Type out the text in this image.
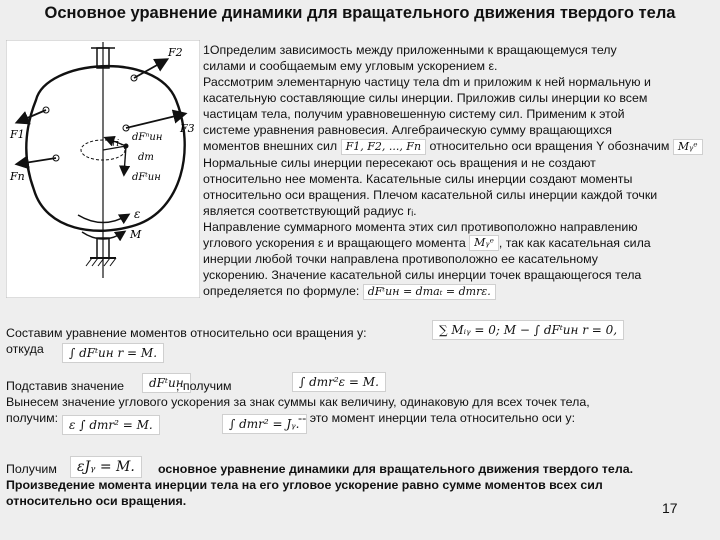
Основное уравнение динамики для вращательного движения твердого тела
F2
F3
F1
Fn
dFⁿин
dm
dFᵗин
ri
ε
M

1Определим зависимость между приложенными к вращающемуся телу

силами и сообщаемым ему угловым ускорением ε.

Рассмотрим элементарную частицу тела dm и приложим к ней нормальную и

касательную составляющие силы инерции. Приложив силы инерции ко всем

частицам тела, получим уравновешенную систему сил. Применим к этой

системе уравнения равновесия. Алгебраическую сумму вращающихся

моментов внешних сил F1, F2, ..., Fn относительно оси вращения Y обозначим Mᵧᵉ

Нормальные силы инерции пересекают ось вращения и не создают

относительно нее момента. Касательные силы инерции создают моменты

относительно оси вращения. Плечом касательной силы инерции каждой точки

является соответствующий радиус rᵢ.

Направление суммарного момента этих сил противоположно направлению

углового ускорения ε и вращающего момента Mᵧᵉ , так как касательная сила

инерции любой точки направлена противоположно ее касательному

ускорению. Значение касательной силы инерции точек вращающегося тела

определяется по формуле: dFᵗин = dmaₜ = dmrε.

Составим уравнение моментов относительно оси вращения y:	∑ Mᵢᵧ = 0; M − ∫ dFᵗин r = 0,
откуда	∫ dFᵗин r = M.
Подставив значение	dFᵗин
, получим	∫ dmr²ε = M.
Вынесем значение углового ускорения за знак суммы как величину, одинаковую для всех точек тела,
получим: ε ∫ dmr² = M.	∫ dmr² = Jᵧ.
-- это момент инерции тела относительно оси y:
Получим	εJᵧ = M.	основное уравнение динамики для вращательного движения твердого тела.
Произведение момента инерции тела на его угловое ускорение равно сумме моментов всех сил
относительно оси вращения.	17
